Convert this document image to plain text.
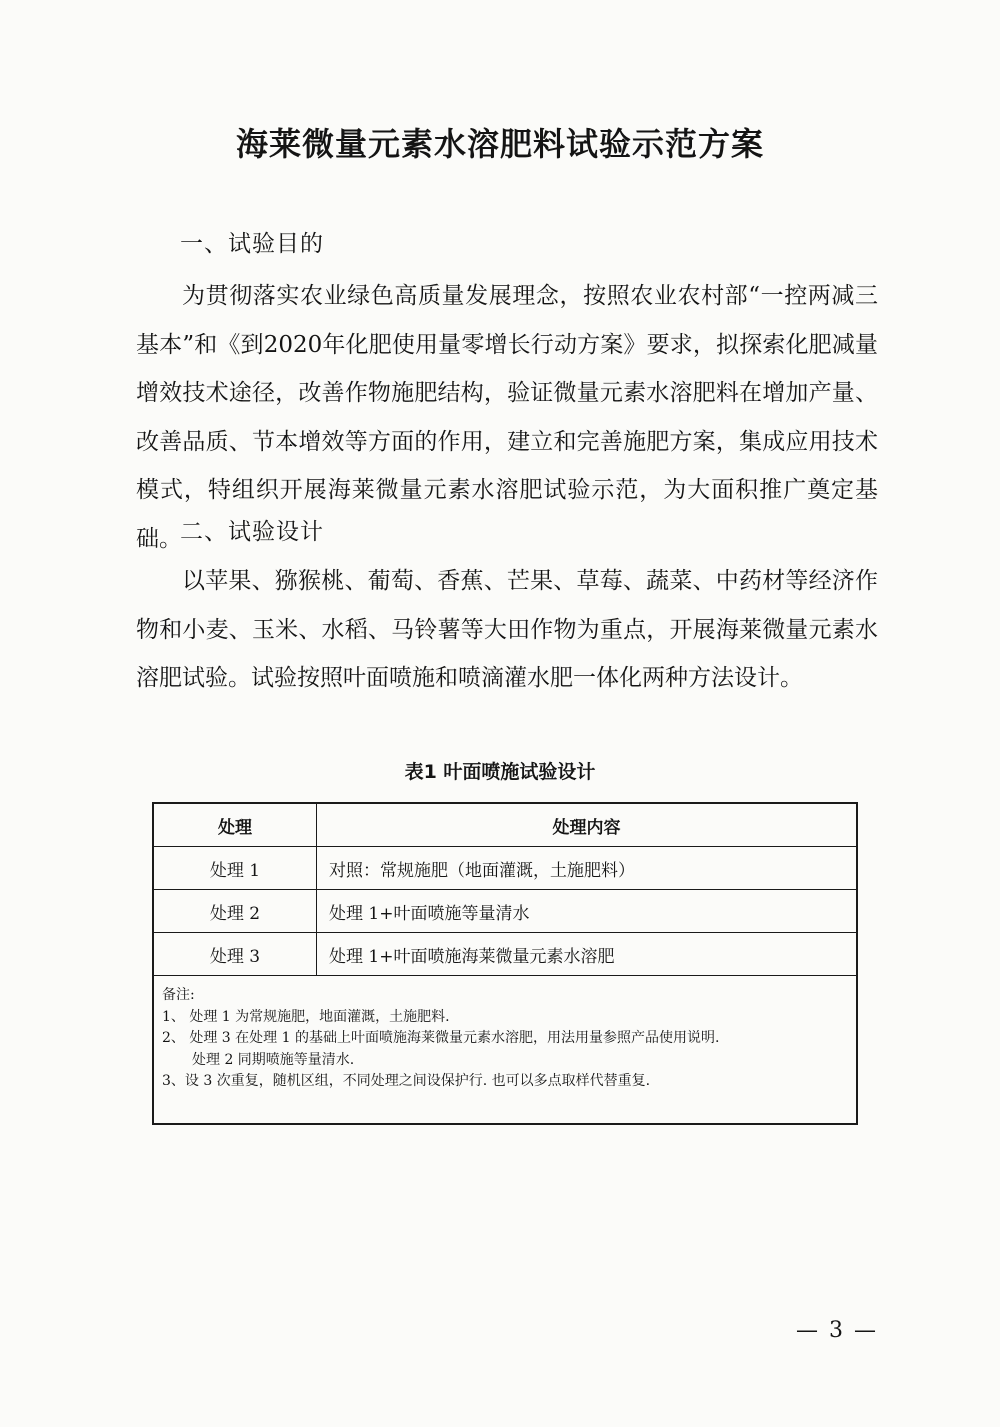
海莱微量元素水溶肥料试验示范方案
一、试验目的

为贯彻落实农业绿色高质量发展理念，按照农业农村部“一控两减三基本”和《到2020年化肥使用量零增长行动方案》要求，拟探索化肥减量增效技术途径，改善作物施肥结构，验证微量元素水溶肥料在增加产量、改善品质、节本增效等方面的作用，建立和完善施肥方案，集成应用技术模式，特组织开展海莱微量元素水溶肥试验示范，为大面积推广奠定基础。

二、试验设计

以苹果、猕猴桃、葡萄、香蕉、芒果、草莓、蔬菜、中药材等经济作物和小麦、玉米、水稻、马铃薯等大田作物为重点，开展海莱微量元素水溶肥试验。试验按照叶面喷施和喷滴灌水肥一体化两种方法设计。

表1 叶面喷施试验设计
处理	处理内容
处理 1	对照：常规施肥（地面灌溉，土施肥料）
处理 2	处理 1+叶面喷施等量清水
处理 3	处理 1+叶面喷施海莱微量元素水溶肥
备注:
1、 处理 1 为常规施肥，地面灌溉，土施肥料.
2、 处理 3 在处理 1 的基础上叶面喷施海莱微量元素水溶肥，用法用量参照产品使用说明.
处理 2 同期喷施等量清水.
3、设 3 次重复，随机区组，不同处理之间设保护行. 也可以多点取样代替重复.
— 3 —
